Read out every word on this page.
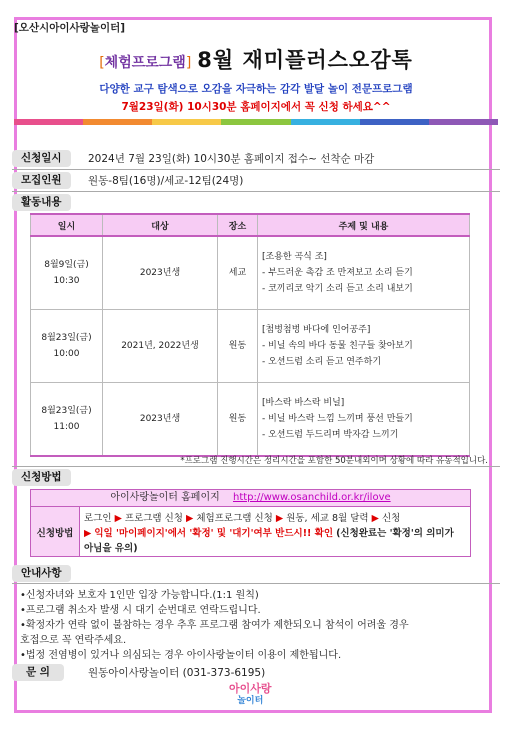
[오산시아이사랑놀이터]
[체험프로그램] 8월 재미플러스오감톡
다양한 교구 탐색으로 오감을 자극하는 감각 발달 놀이 전문프로그램
7월23일(화) 10시30분 홈페이지에서 꼭 신청 하세요^^
신청일시	2024년 7월 23일(화) 10시30분 홈페이지 접수~ 선착순 마감
모집인원	원동-8팀(16명)/세교-12팀(24명)
활동내용
일시	대상	장소	주제 및 내용
8월9일(금)
10:30	2023년생	세교	[조용한 곡식 조]
- 부드러운 촉감 조 만져보고 소리 듣기
- 코끼리코 악기 소리 듣고 소리 내보기
8월23일(금)
10:00	2021년, 2022년생	원동	[첨벙첨벙 바다에 인어공주]
- 비닐 속의 바다 동물 친구들 찾아보기
- 오션드럼 소리 듣고 연주하기
8월23일(금)
11:00	2023년생	원동	[바스락 바스락 비닐]
- 비닐 바스락 느낌 느끼며 풍선 만들기
- 오션드럼 두드리며 박자감 느끼기
*프로그램 진행시간은 정리시간을 포함한 50분내외이며 상황에 따라 유동적입니다.
신청방법
아이사랑놀이터 홈페이지 http://www.osanchild.or.kr/ilove
신청방법
로그인 ▶ 프로그램 신청 ▶ 체험프로그램 신청 ▶ 원동, 세교 8월 달력 ▶ 신청
▶ 익일 '마이페이지'에서 '확정' 및 '대기'여부 반드시!! 확인 (신청완료는 '확정'의 의미가 아님을 유의)
안내사항
•신청자녀와 보호자 1인만 입장 가능합니다.(1:1 원칙)
•프로그램 취소자 발생 시 대기 순번대로 연락드립니다.
•확정자가 연락 없이 불참하는 경우 추후 프로그램 참여가 제한되오니 참석이 어려울 경우
호접으로 꼭 연락주세요.
•법정 전염병이 있거나 의심되는 경우 아이사랑놀이터 이용이 제한됩니다.
문 의	원동아이사랑놀이터 (031-373-6195)
아이사랑
놀이터
